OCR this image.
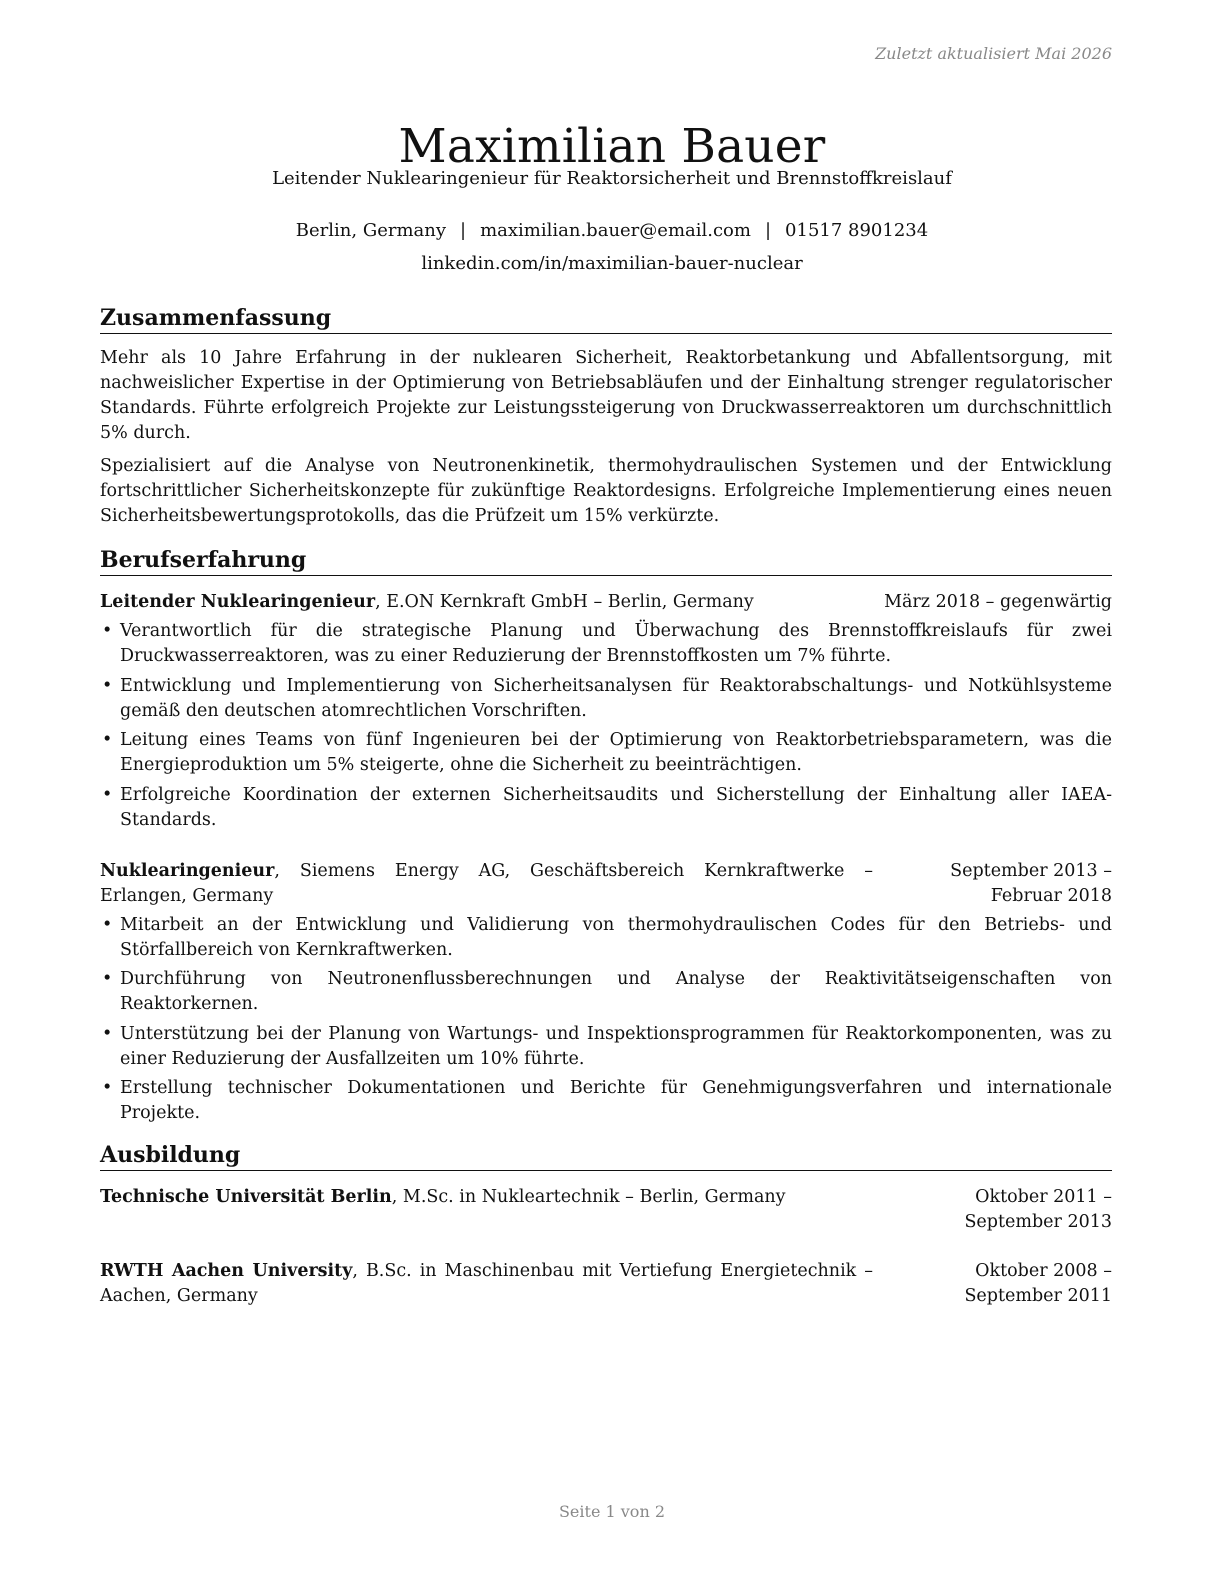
Zuletzt aktualisiert Mai 2026
Maximilian Bauer
Leitender Nuklearingenieur für Reaktorsicherheit und Brennstoffkreislauf
Berlin, Germany | maximilian.bauer@email.com | 01517 8901234
linkedin.com/in/maximilian-bauer-nuclear
Zusammenfassung

Mehr als 10 Jahre Erfahrung in der nuklearen Sicherheit, Reaktorbetankung und Abfallentsorgung, mit nachweislicher Expertise in der Optimierung von Betriebsabläufen und der Einhaltung strenger regulatorischer Standards. Führte erfolgreich Projekte zur Leistungssteigerung von Druckwasserreaktoren um durchschnittlich 5% durch.

Spezialisiert auf die Analyse von Neutronenkinetik, thermohydraulischen Systemen und der Entwicklung fortschrittlicher Sicherheitskonzepte für zukünftige Reaktordesigns. Erfolgreiche Implementierung eines neuen Sicherheitsbewertungsprotokolls, das die Prüfzeit um 15% verkürzte.

Berufserfahrung
Leitender Nuklearingenieur, E.ON Kernkraft GmbH – Berlin, Germany	März 2018 – gegenwärtig
• Verantwortlich für die strategische Planung und Überwachung des Brennstoffkreislaufs für zwei Druckwasserreaktoren, was zu einer Reduzierung der Brennstoffkosten um 7% führte.
• Entwicklung und Implementierung von Sicherheitsanalysen für Reaktorabschaltungs- und Notkühlsysteme gemäß den deutschen atomrechtlichen Vorschriften.
• Leitung eines Teams von fünf Ingenieuren bei der Optimierung von Reaktorbetriebsparametern, was die Energieproduktion um 5% steigerte, ohne die Sicherheit zu beeinträchtigen.
• Erfolgreiche Koordination der externen Sicherheitsaudits und Sicherstellung der Einhaltung aller IAEA-Standards.
Nuklearingenieur, Siemens Energy AG, Geschäftsbereich Kernkraftwerke – Erlangen, Germany
September 2013 – Februar 2018
• Mitarbeit an der Entwicklung und Validierung von thermohydraulischen Codes für den Betriebs- und Störfallbereich von Kernkraftwerken.
• Durchführung von Neutronenflussberechnungen und Analyse der Reaktivitätseigenschaften von Reaktorkernen.
• Unterstützung bei der Planung von Wartungs- und Inspektionsprogrammen für Reaktorkomponenten, was zu einer Reduzierung der Ausfallzeiten um 10% führte.
• Erstellung technischer Dokumentationen und Berichte für Genehmigungsverfahren und internationale Projekte.
Ausbildung
Technische Universität Berlin, M.Sc. in Nukleartechnik – Berlin, Germany	Oktober 2011 – September 2013
RWTH Aachen University, B.Sc. in Maschinenbau mit Vertiefung Energietechnik – Aachen, Germany
Oktober 2008 – September 2011
Seite 1 von 2
